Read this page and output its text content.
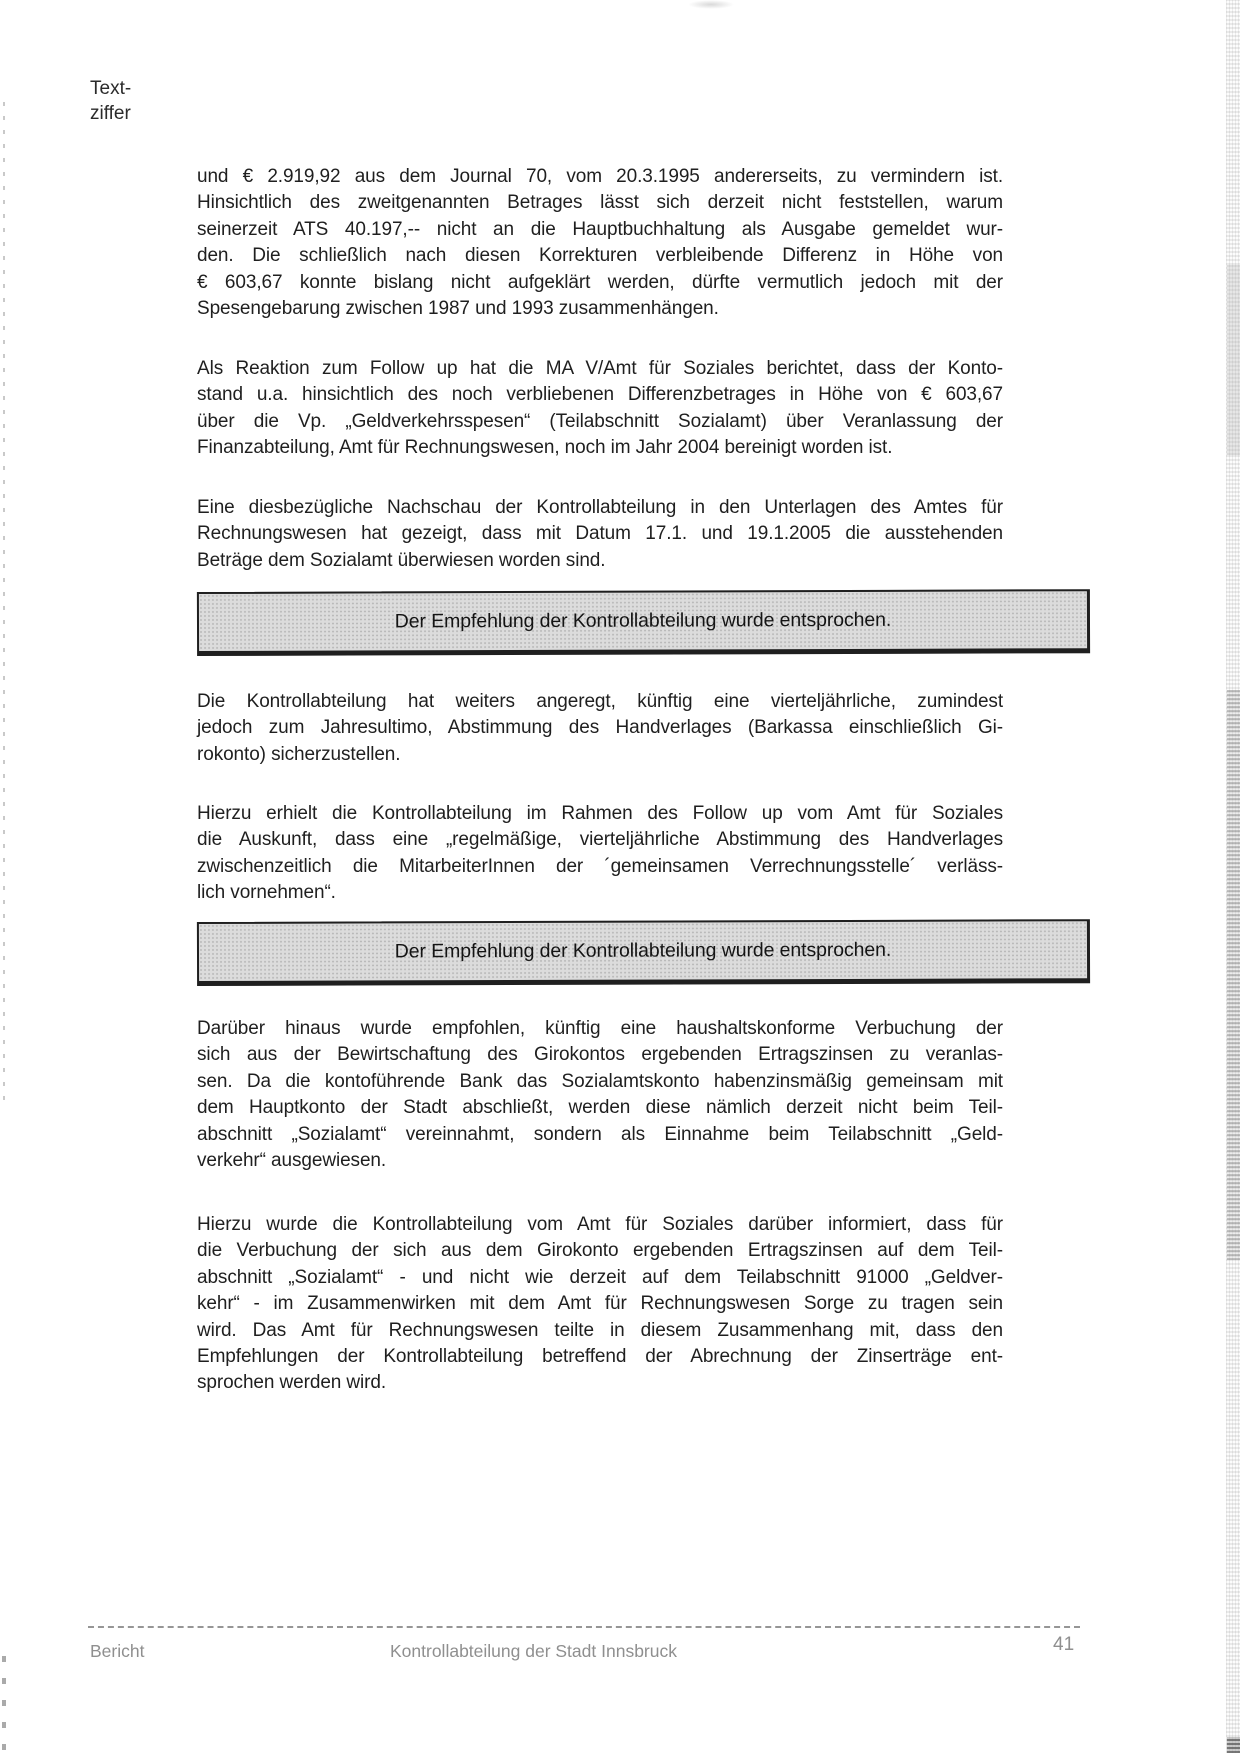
Text-
ziffer
und € 2.919,92 aus dem Journal 70, vom 20.3.1995 andererseits, zu vermindern ist.
Hinsichtlich des zweitgenannten Betrages lässt sich derzeit nicht feststellen, warum
seinerzeit ATS 40.197,-- nicht an die Hauptbuchhaltung als Ausgabe gemeldet wur-
den. Die schließlich nach diesen Korrekturen verbleibende Differenz in Höhe von
€ 603,67 konnte bislang nicht aufgeklärt werden, dürfte vermutlich jedoch mit der
Spesengebarung zwischen 1987 und 1993 zusammenhängen.
Als Reaktion zum Follow up hat die MA V/Amt für Soziales berichtet, dass der Konto-
stand u.a. hinsichtlich des noch verbliebenen Differenzbetrages in Höhe von € 603,67
über die Vp. „Geldverkehrsspesen“ (Teilabschnitt Sozialamt) über Veranlassung der
Finanzabteilung, Amt für Rechnungswesen, noch im Jahr 2004 bereinigt worden ist.
Eine diesbezügliche Nachschau der Kontrollabteilung in den Unterlagen des Amtes für
Rechnungswesen hat gezeigt, dass mit Datum 17.1. und 19.1.2005 die ausstehenden
Beträge dem Sozialamt überwiesen worden sind.
Der Empfehlung der Kontrollabteilung wurde entsprochen.
Die Kontrollabteilung hat weiters angeregt, künftig eine vierteljährliche, zumindest
jedoch zum Jahresultimo, Abstimmung des Handverlages (Barkassa einschließlich Gi-
rokonto) sicherzustellen.
Hierzu erhielt die Kontrollabteilung im Rahmen des Follow up vom Amt für Soziales
die Auskunft, dass eine „regelmäßige, vierteljährliche Abstimmung des Handverlages
zwischenzeitlich die MitarbeiterInnen der ´gemeinsamen Verrechnungsstelle´ verläss-
lich vornehmen“.
Der Empfehlung der Kontrollabteilung wurde entsprochen.
Darüber hinaus wurde empfohlen, künftig eine haushaltskonforme Verbuchung der
sich aus der Bewirtschaftung des Girokontos ergebenden Ertragszinsen zu veranlas-
sen. Da die kontoführende Bank das Sozialamtskonto habenzinsmäßig gemeinsam mit
dem Hauptkonto der Stadt abschließt, werden diese nämlich derzeit nicht beim Teil-
abschnitt „Sozialamt“ vereinnahmt, sondern als Einnahme beim Teilabschnitt „Geld-
verkehr“ ausgewiesen.
Hierzu wurde die Kontrollabteilung vom Amt für Soziales darüber informiert, dass für
die Verbuchung der sich aus dem Girokonto ergebenden Ertragszinsen auf dem Teil-
abschnitt „Sozialamt“ - und nicht wie derzeit auf dem Teilabschnitt 91000 „Geldver-
kehr“ - im Zusammenwirken mit dem Amt für Rechnungswesen Sorge zu tragen sein
wird. Das Amt für Rechnungswesen teilte in diesem Zusammenhang mit, dass den
Empfehlungen der Kontrollabteilung betreffend der Abrechnung der Zinserträge ent-
sprochen werden wird.
Bericht	Kontrollabteilung der Stadt Innsbruck	41
